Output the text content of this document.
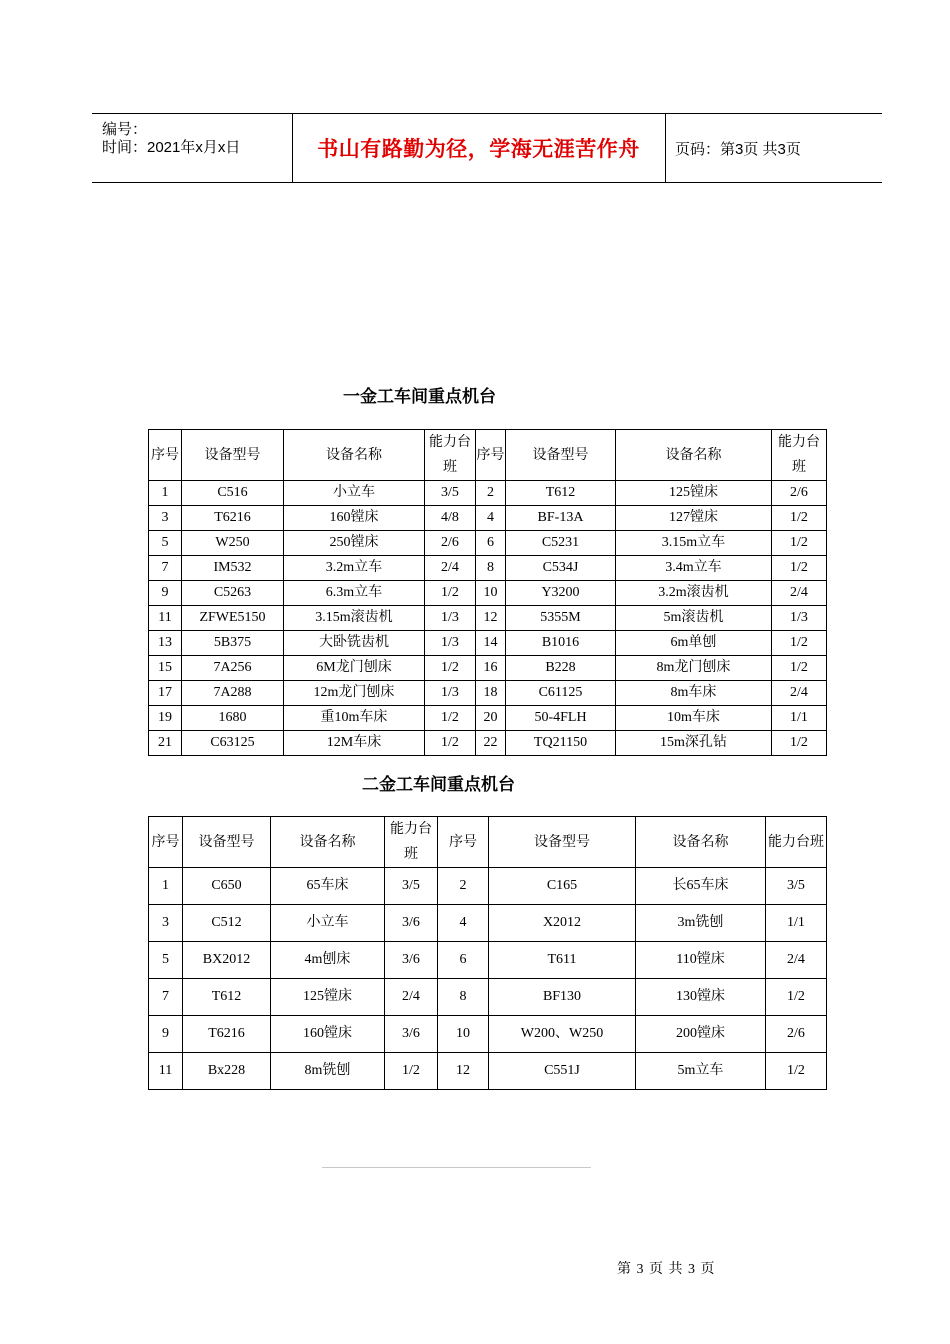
编号：
时间：2021年x月x日	书山有路勤为径，学海无涯苦作舟	页码：第3页 共3页
一金工车间重点机台
序号	设备型号	设备名称	能力台班	序号	设备型号	设备名称	能力台班
1	C516	小立车	3/5	2	T612	125镗床	2/6
3	T6216	160镗床	4/8	4	BF-13A	127镗床	1/2
5	W250	250镗床	2/6	6	C5231	3.15m立车	1/2
7	IM532	3.2m立车	2/4	8	C534J	3.4m立车	1/2
9	C5263	6.3m立车	1/2	10	Y3200	3.2m滚齿机	2/4
11	ZFWE5150	3.15m滚齿机	1/3	12	5355M	5m滚齿机	1/3
13	5B375	大卧铣齿机	1/3	14	B1016	6m单刨	1/2
15	7A256	6M龙门刨床	1/2	16	B228	8m龙门刨床	1/2
17	7A288	12m龙门刨床	1/3	18	C61125	8m车床	2/4
19	1680	重10m车床	1/2	20	50-4FLH	10m车床	1/1
21	C63125	12M车床	1/2	22	TQ21150	15m深孔钻	1/2
二金工车间重点机台
序号	设备型号	设备名称	能力台班	序号	设备型号	设备名称	能力台班
1	C650	65车床	3/5	2	C165	长65车床	3/5
3	C512	小立车	3/6	4	X2012	3m铣刨	1/1
5	BX2012	4m刨床	3/6	6	T611	110镗床	2/4
7	T612	125镗床	2/4	8	BF130	130镗床	1/2
9	T6216	160镗床	3/6	10	W200、W250	200镗床	2/6
11	Bx228	8m铣刨	1/2	12	C551J	5m立车	1/2
第 3 页 共 3 页
